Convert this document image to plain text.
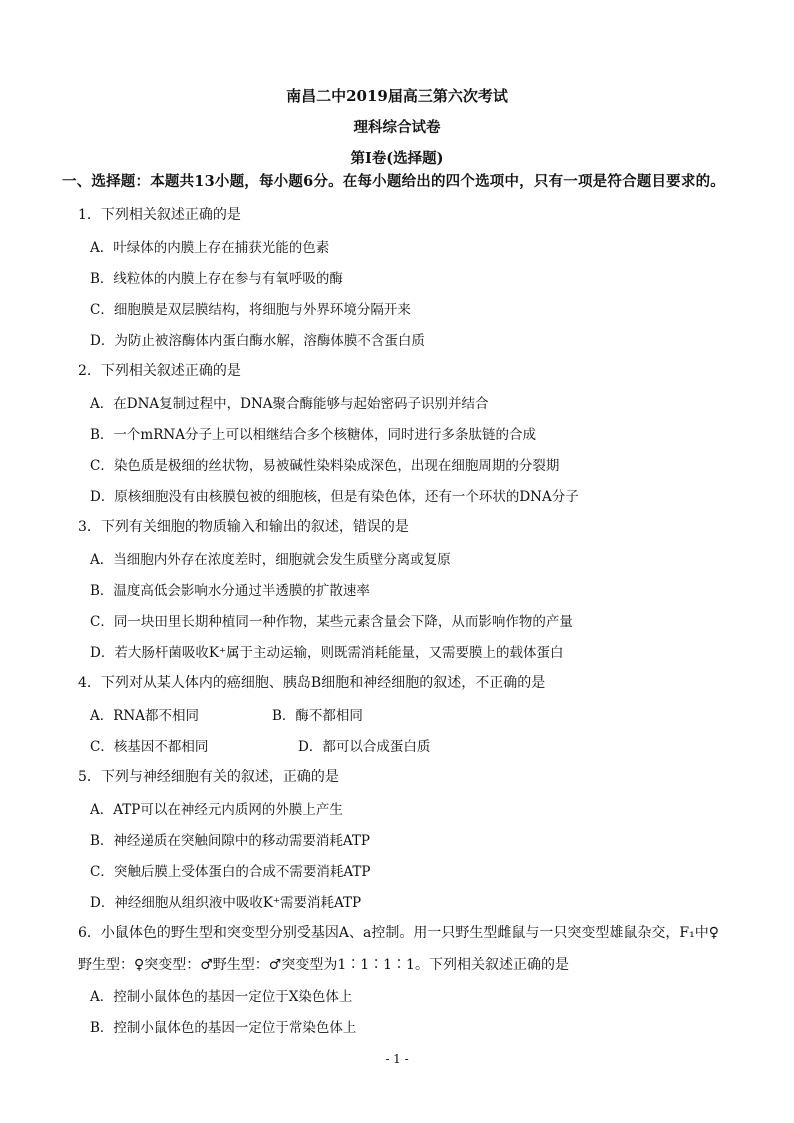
南昌二中2019届高三第六次考试
理科综合试卷
第Ⅰ卷(选择题)
一、选择题：本题共13小题，每小题6分。在每小题给出的四个选项中，只有一项是符合题目要求的。
1．下列相关叙述正确的是
A．叶绿体的内膜上存在捕获光能的色素
B．线粒体的内膜上存在参与有氧呼吸的酶
C．细胞膜是双层膜结构，将细胞与外界环境分隔开来
D．为防止被溶酶体内蛋白酶水解，溶酶体膜不含蛋白质
2．下列相关叙述正确的是
A．在DNA复制过程中，DNA聚合酶能够与起始密码子识别并结合
B．一个mRNA分子上可以相继结合多个核糖体，同时进行多条肽链的合成
C．染色质是极细的丝状物，易被碱性染料染成深色，出现在细胞周期的分裂期
D．原核细胞没有由核膜包被的细胞核，但是有染色体，还有一个环状的DNA分子
3．下列有关细胞的物质输入和输出的叙述，错误的是
A．当细胞内外存在浓度差时，细胞就会发生质壁分离或复原
B．温度高低会影响水分通过半透膜的扩散速率
C．同一块田里长期种植同一种作物，某些元素含量会下降，从而影响作物的产量
D．若大肠杆菌吸收K⁺属于主动运输，则既需消耗能量，又需要膜上的载体蛋白
4．下列对从某人体内的癌细胞、胰岛B细胞和神经细胞的叙述，不正确的是
A．RNA都不相同	B．酶不都相同
C．核基因不都相同	D．都可以合成蛋白质
5．下列与神经细胞有关的叙述，正确的是
A．ATP可以在神经元内质网的外膜上产生
B．神经递质在突触间隙中的移动需要消耗ATP
C．突触后膜上受体蛋白的合成不需要消耗ATP
D．神经细胞从组织液中吸收K⁺需要消耗ATP
6．小鼠体色的野生型和突变型分别受基因A、a控制。用一只野生型雌鼠与一只突变型雄鼠杂交，F₁中♀
野生型：♀突变型：♂野生型：♂突变型为1∶1∶1∶1。下列相关叙述正确的是
A．控制小鼠体色的基因一定位于X染色体上
B．控制小鼠体色的基因一定位于常染色体上
- 1 -
